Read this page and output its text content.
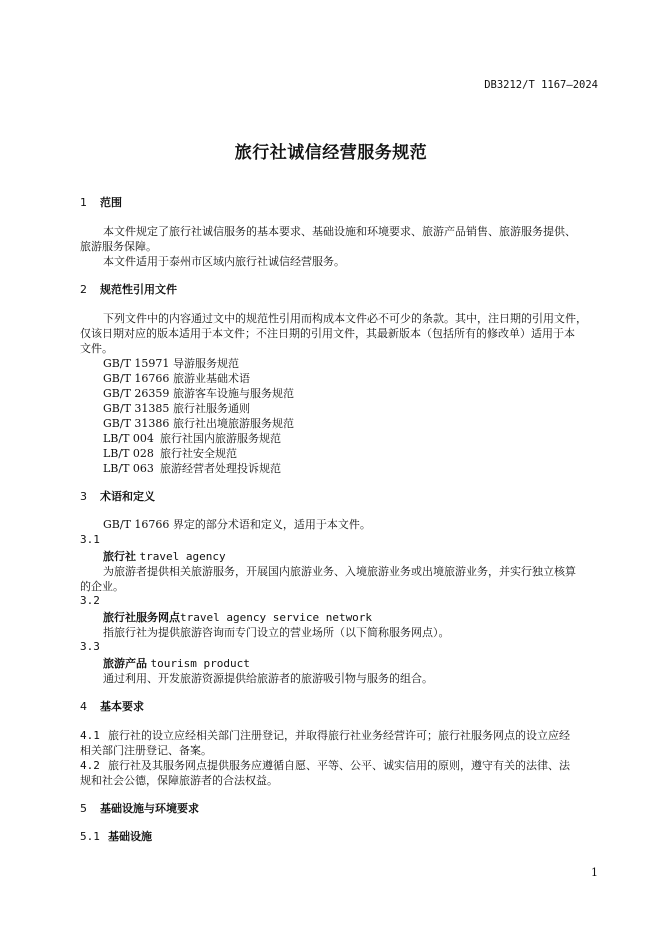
DB3212/T 1167—2024
旅行社诚信经营服务规范
1 范围
本文件规定了旅行社诚信服务的基本要求、基础设施和环境要求、旅游产品销售、旅游服务提供、
旅游服务保障。
本文件适用于泰州市区域内旅行社诚信经营服务。
2 规范性引用文件
下列文件中的内容通过文中的规范性引用而构成本文件必不可少的条款。其中，注日期的引用文件，
仅该日期对应的版本适用于本文件；不注日期的引用文件，其最新版本（包括所有的修改单）适用于本
文件。
GB/T 15971 导游服务规范
GB/T 16766 旅游业基础术语
GB/T 26359 旅游客车设施与服务规范
GB/T 31385 旅行社服务通则
GB/T 31386 旅行社出境旅游服务规范
LB/T 004 旅行社国内旅游服务规范
LB/T 028 旅行社安全规范
LB/T 063 旅游经营者处理投诉规范
3 术语和定义
GB/T 16766 界定的部分术语和定义，适用于本文件。
3.1
旅行社 travel agency
为旅游者提供相关旅游服务，开展国内旅游业务、入境旅游业务或出境旅游业务，并实行独立核算
的企业。
3.2
旅行社服务网点travel agency service network
指旅行社为提供旅游咨询而专门设立的营业场所（以下简称服务网点）。
3.3
旅游产品 tourism product
通过利用、开发旅游资源提供给旅游者的旅游吸引物与服务的组合。
4 基本要求
4.1 旅行社的设立应经相关部门注册登记，并取得旅行社业务经营许可；旅行社服务网点的设立应经
相关部门注册登记、备案。
4.2 旅行社及其服务网点提供服务应遵循自愿、平等、公平、诚实信用的原则，遵守有关的法律、法
规和社会公德，保障旅游者的合法权益。
5 基础设施与环境要求
5.1 基础设施
1
